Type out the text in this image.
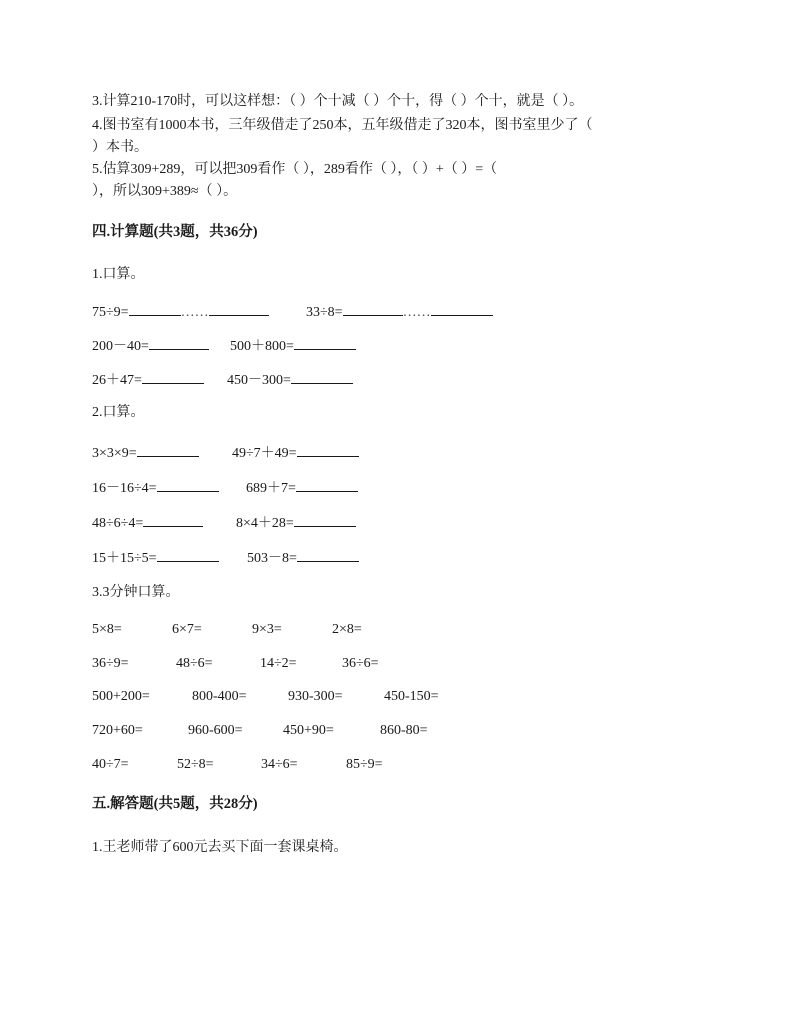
3.计算210-170时，可以这样想：（ ）个十减（ ）个十，得（ ）个十，就是（ ）。
4.图书室有1000本书，三年级借走了250本，五年级借走了320本，图书室里少了（
）本书。
5.估算309+289，可以把309看作（ ），289看作（ ），（ ）+（ ）=（
），所以309+389≈（ ）。
四.计算题(共3题，共36分)
1.口算。
75÷9=	……	33÷8=	……
200－40=	500＋800=
26＋47=	450－300=
2.口算。
3×3×9=	49÷7＋49=
16－16÷4=	689＋7=
48÷6÷4=	8×4＋28=
15＋15÷5=	503－8=
3.3分钟口算。
5×8=	6×7=	9×3=	2×8=
36÷9=	48÷6=	14÷2=	36÷6=
500+200=	800-400=	930-300=	450-150=
720+60=	960-600=	450+90=	860-80=
40÷7=	52÷8=	34÷6=	85÷9=
五.解答题(共5题，共28分)
1.王老师带了600元去买下面一套课桌椅。
